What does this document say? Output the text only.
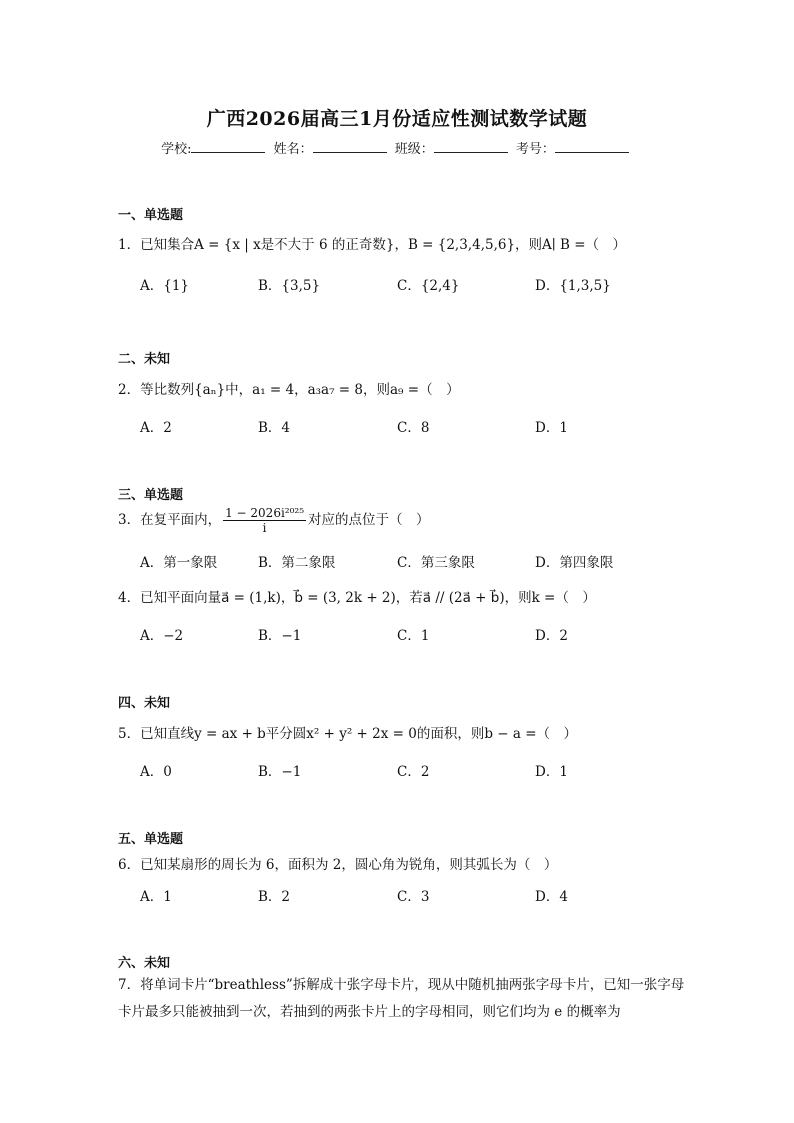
广西2026届高三1月份适应性测试数学试题
学校:	姓名：	班级：	考号：
一、单选题
1．已知集合A = {x | x是不大于 6 的正奇数}，B = {2,3,4,5,6}，则A∣ B =（　）
A．{1}	B．{3,5}	C．{2,4}	D．{1,3,5}
二、未知
2．等比数列{aₙ}中，a₁ = 4，a₃a₇ = 8，则a₉ =（　）
A．2	B．4	C．8	D．1
三、单选题
3．在复平面内， $\frac{\text{1 − 2026i²⁰²⁵}}{i}$ 对应的点位于（　）
A．第一象限	B．第二象限	C．第三象限	D．第四象限
4．已知平面向量a⃗ = (1,k)，b⃗ = (3, 2k + 2)，若a⃗ // (2a⃗ + b⃗)，则k =（　）
A．−2	B．−1	C．1	D．2
四、未知
5．已知直线y = ax + b平分圆x² + y² + 2x = 0的面积，则b − a =（　）
A．0	B．−1	C．2	D．1
五、单选题
6．已知某扇形的周长为 6，面积为 2，圆心角为锐角，则其弧长为（　）
A．1	B．2	C．3	D．4
六、未知
7．将单词卡片“breathless”拆解成十张字母卡片，现从中随机抽两张字母卡片，已知一张字母卡片最多只能被抽到一次，若抽到的两张卡片上的字母相同，则它们均为 e 的概率为
